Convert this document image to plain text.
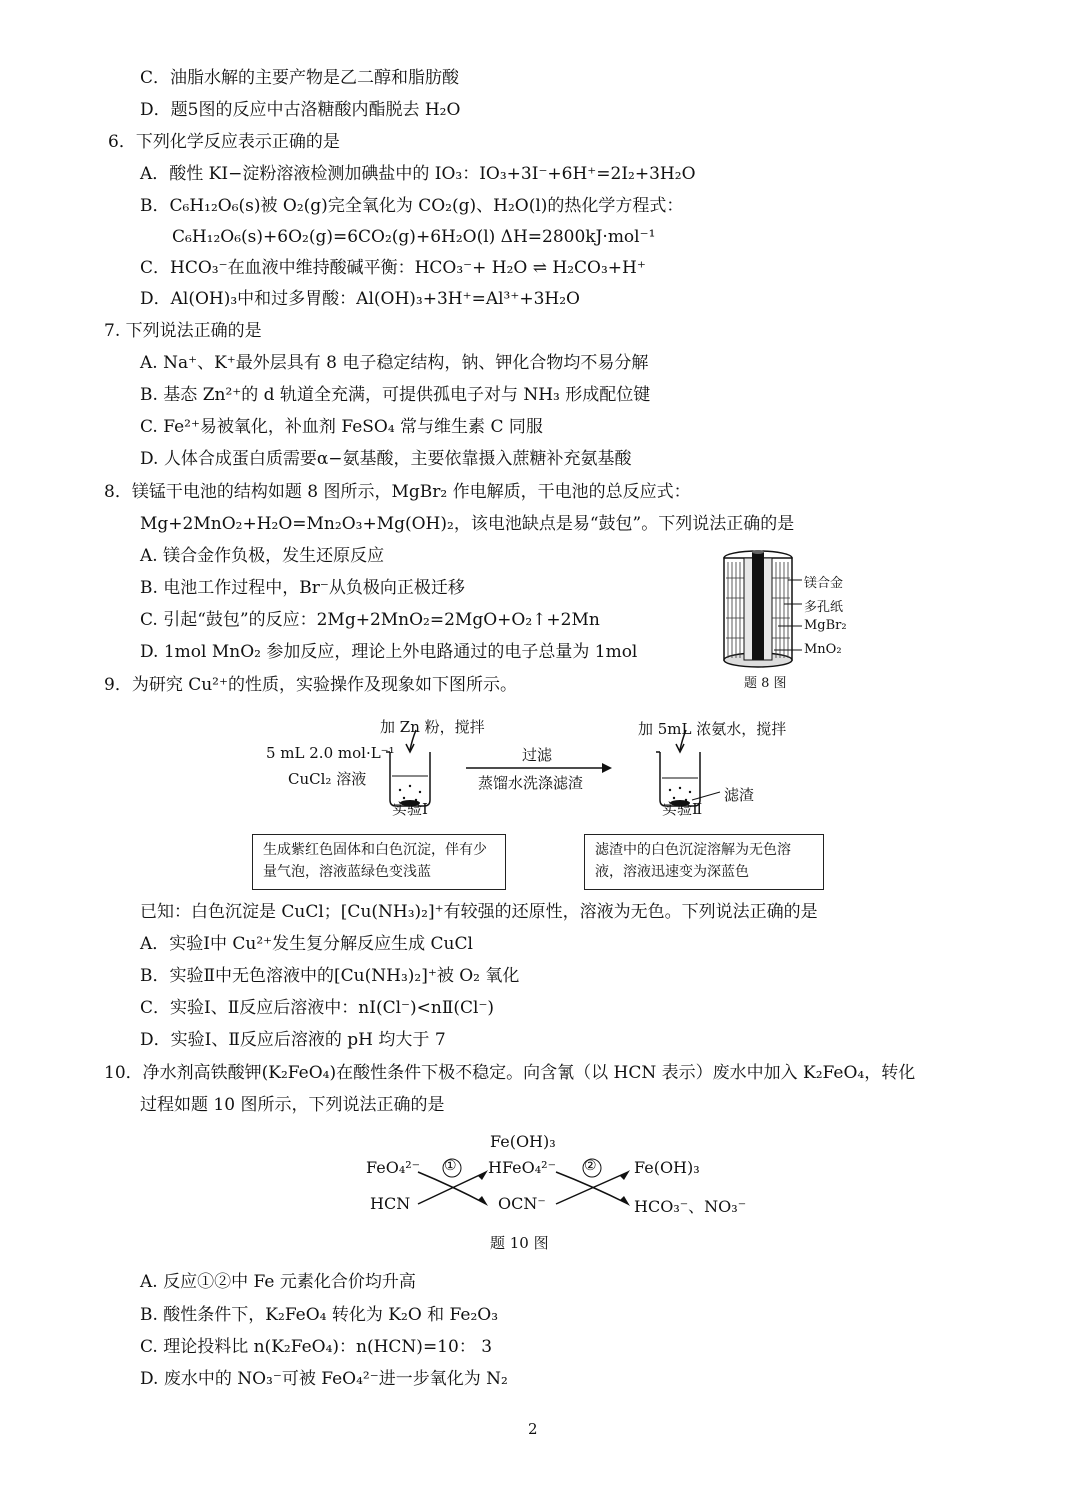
C．油脂水解的主要产物是乙二醇和脂肪酸
D．题5图的反应中古洛糖酸内酯脱去 H₂O
6．下列化学反应表示正确的是
A．酸性 KI−淀粉溶液检测加碘盐中的 IO₃：IO₃+3I⁻+6H⁺=2I₂+3H₂O
B．C₆H₁₂O₆(s)被 O₂(g)完全氧化为 CO₂(g)、H₂O(l)的热化学方程式：
C₆H₁₂O₆(s)+6O₂(g)=6CO₂(g)+6H₂O(l) ΔH=2800kJ·mol⁻¹
C．HCO₃⁻在血液中维持酸碱平衡：HCO₃⁻+ H₂O ⇌ H₂CO₃+H⁺
D．Al(OH)₃中和过多胃酸：Al(OH)₃+3H⁺=Al³⁺+3H₂O
7. 下列说法正确的是
A. Na⁺、K⁺最外层具有 8 电子稳定结构，钠、钾化合物均不易分解
B. 基态 Zn²⁺的 d 轨道全充满，可提供孤电子对与 NH₃ 形成配位键
C. Fe²⁺易被氧化，补血剂 FeSO₄ 常与维生素 C 同服
D. 人体合成蛋白质需要α−氨基酸，主要依靠摄入蔗糖补充氨基酸
8．镁锰干电池的结构如题 8 图所示，MgBr₂ 作电解质，干电池的总反应式：
Mg+2MnO₂+H₂O=Mn₂O₃+Mg(OH)₂，该电池缺点是易“鼓包”。下列说法正确的是
A. 镁合金作负极，发生还原反应
B. 电池工作过程中，Br⁻从负极向正极迁移
C. 引起“鼓包”的反应：2Mg+2MnO₂=2MgO+O₂↑+2Mn
D. 1mol MnO₂ 参加反应，理论上外电路通过的电子总量为 1mol
9．为研究 Cu²⁺的性质，实验操作及现象如下图所示。
镁合金
多孔纸
MgBr₂
MnO₂
题 8 图
加 Zn 粉，搅拌
5 mL 2.0 mol·L⁻¹
CuCl₂ 溶液
实验Ⅰ
过滤
蒸馏水洗涤滤渣
加 5mL 浓氨水，搅拌
滤渣
实验Ⅱ
生成紫红色固体和白色沉淀，伴有少量气泡，溶液蓝绿色变浅蓝
滤渣中的白色沉淀溶解为无色溶液，溶液迅速变为深蓝色
已知：白色沉淀是 CuCl；[Cu(NH₃)₂]⁺有较强的还原性，溶液为无色。下列说法正确的是
A．实验Ⅰ中 Cu²⁺发生复分解反应生成 CuCl
B．实验Ⅱ中无色溶液中的[Cu(NH₃)₂]⁺被 O₂ 氧化
C．实验Ⅰ、Ⅱ反应后溶液中：nⅠ(Cl⁻)<nⅡ(Cl⁻)
D．实验Ⅰ、Ⅱ反应后溶液的 pH 均大于 7
10．净水剂高铁酸钾(K₂FeO₄)在酸性条件下极不稳定。向含氰（以 HCN 表示）废水中加入 K₂FeO₄，转化
过程如题 10 图所示，下列说法正确的是
Fe(OH)₃
FeO₄²⁻ ① HFeO₄²⁻ ② Fe(OH)₃
HCN	OCN⁻	HCO₃⁻、NO₃⁻
题 10 图
A. 反应①②中 Fe 元素化合价均升高
B. 酸性条件下，K₂FeO₄ 转化为 K₂O 和 Fe₂O₃
C. 理论投料比 n(K₂FeO₄)：n(HCN)=10： 3
D. 废水中的 NO₃⁻可被 FeO₄²⁻进一步氧化为 N₂
2
